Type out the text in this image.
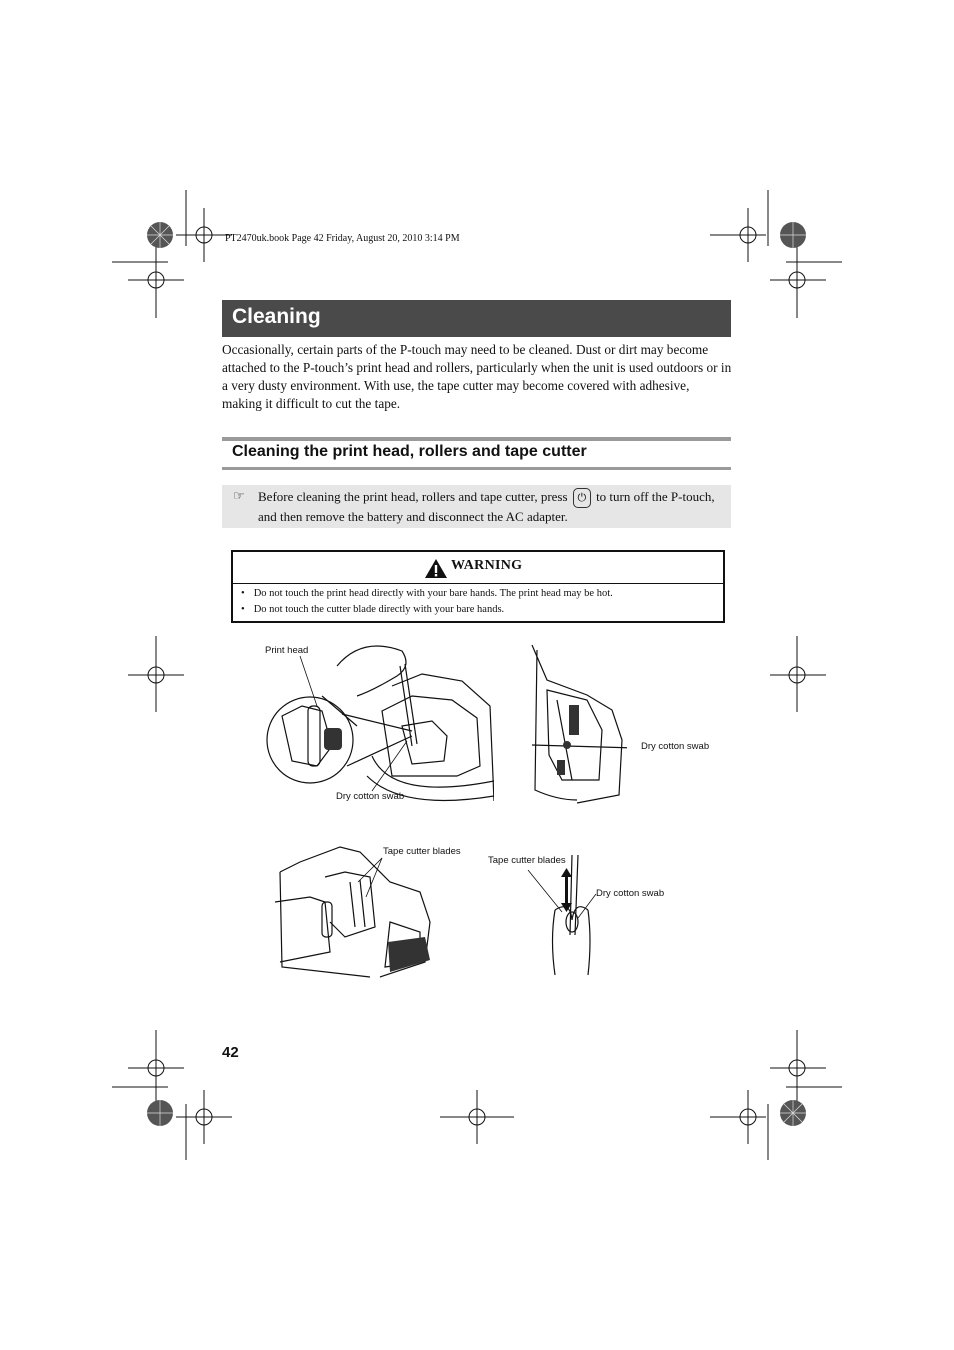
PT2470uk.book Page 42 Friday, August 20, 2010 3:14 PM
Cleaning
Occasionally, certain parts of the P-touch may need to be cleaned. Dust or dirt may become attached to the P-touch’s print head and rollers, particularly when the unit is used outdoors or in a very dusty environment. With use, the tape cutter may become covered with adhesive, making it difficult to cut the tape.
Cleaning the print head, rollers and tape cutter
☞ Before cleaning the print head, rollers and tape cutter, press ⏻ to turn off the P-touch, and then remove the battery and disconnect the AC adapter.
WARNING
• Do not touch the print head directly with your bare hands. The print head may be hot.
• Do not touch the cutter blade directly with your bare hands.
Print head
Dry cotton swab
Dry cotton swab
Tape cutter blades
Tape cutter blades
Dry cotton swab
42
